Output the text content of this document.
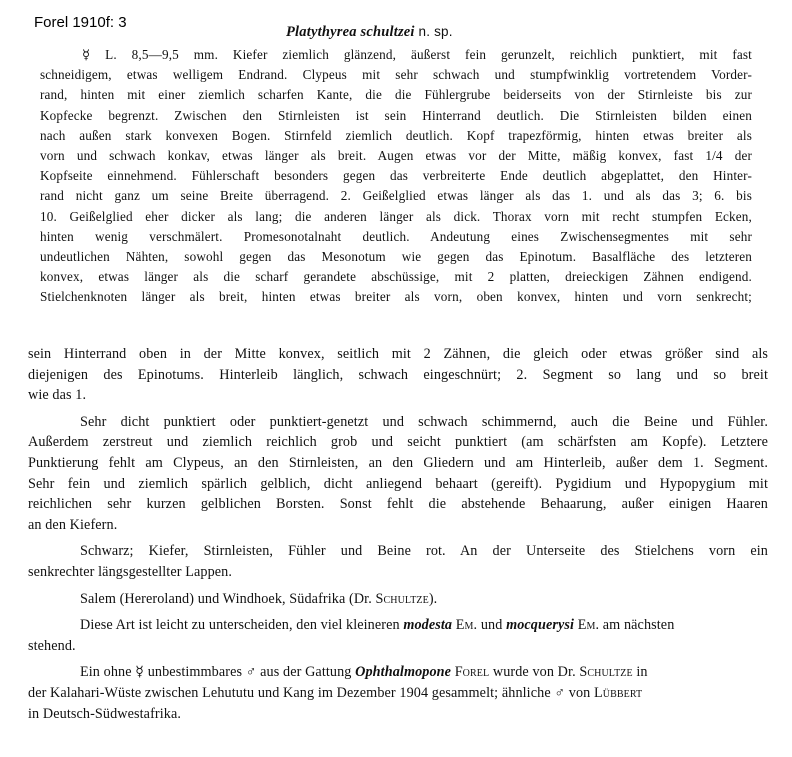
Forel 1910f: 3
Platythyrea schultzei n. sp.
☿ L. 8,5—9,5 mm. Kiefer ziemlich glänzend, äußerst fein gerunzelt, reichlich punktiert, mit fast
schneidigem, etwas welligem Endrand. Clypeus mit sehr schwach und stumpfwinklig vortretendem Vorder-
rand, hinten mit einer ziemlich scharfen Kante, die die Fühlergrube beiderseits von der Stirnleiste bis zur
Kopfecke begrenzt. Zwischen den Stirnleisten ist sein Hinterrand deutlich. Die Stirnleisten bilden einen
nach außen stark konvexen Bogen. Stirnfeld ziemlich deutlich. Kopf trapezförmig, hinten etwas breiter als
vorn und schwach konkav, etwas länger als breit. Augen etwas vor der Mitte, mäßig konvex, fast 1/4 der
Kopfseite einnehmend. Fühlerschaft besonders gegen das verbreiterte Ende deutlich abgeplattet, den Hinter-
rand nicht ganz um seine Breite überragend. 2. Geißelglied etwas länger als das 1. und als das 3; 6. bis
10. Geißelglied eher dicker als lang; die anderen länger als dick. Thorax vorn mit recht stumpfen Ecken,
hinten wenig verschmälert. Promesonotalnaht deutlich. Andeutung eines Zwischensegmentes mit sehr
undeutlichen Nähten, sowohl gegen das Mesonotum wie gegen das Epinotum. Basalfläche des letzteren
konvex, etwas länger als die scharf gerandete abschüssige, mit 2 platten, dreieckigen Zähnen endigend.
Stielchenknoten länger als breit, hinten etwas breiter als vorn, oben konvex, hinten und vorn senkrecht;
sein Hinterrand oben in der Mitte konvex, seitlich mit 2 Zähnen, die gleich oder etwas größer sind als
diejenigen des Epinotums. Hinterleib länglich, schwach eingeschnürt; 2. Segment so lang und so breit
wie das 1.
Sehr dicht punktiert oder punktiert-genetzt und schwach schimmernd, auch die Beine und Fühler.
Außerdem zerstreut und ziemlich reichlich grob und seicht punktiert (am schärfsten am Kopfe). Letztere
Punktierung fehlt am Clypeus, an den Stirnleisten, an den Gliedern und am Hinterleib, außer dem 1. Segment.
Sehr fein und ziemlich spärlich gelblich, dicht anliegend behaart (gereift). Pygidium und Hypopygium mit
reichlichen sehr kurzen gelblichen Borsten. Sonst fehlt die abstehende Behaarung, außer einigen Haaren
an den Kiefern.
Schwarz; Kiefer, Stirnleisten, Fühler und Beine rot. An der Unterseite des Stielchens vorn ein
senkrechter längsgestellter Lappen.
Salem (Hereroland) und Windhoek, Südafrika (Dr. Schultze).
Diese Art ist leicht zu unterscheiden, den viel kleineren modesta Em. und mocquerysi Em. am nächsten
stehend.
Ein ohne ☿ unbestimmbares ♂ aus der Gattung Ophthalmopone Forel wurde von Dr. Schultze in
der Kalahari-Wüste zwischen Lehututu und Kang im Dezember 1904 gesammelt; ähnliche ♂ von Lübbert
in Deutsch-Südwestafrika.
